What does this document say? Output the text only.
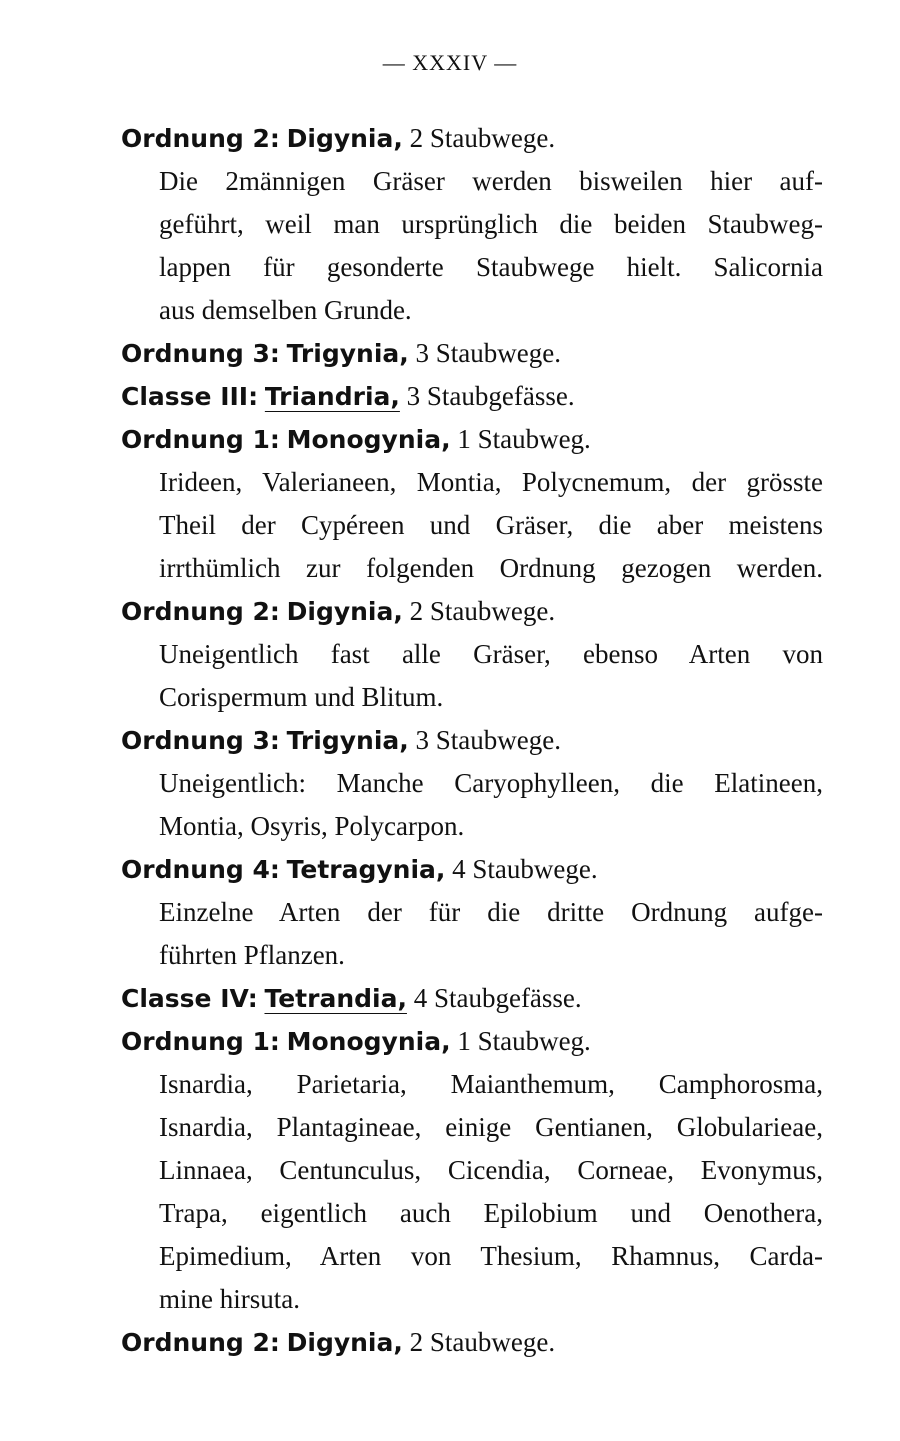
— XXXIV —
Ordnung 2: Digynia, 2 Staubwege.
Die 2männigen Gräser werden bisweilen hier auf-
geführt, weil man ursprünglich die beiden Staubweg-
lappen für gesonderte Staubwege hielt. Salicornia
aus demselben Grunde.
Ordnung 3: Trigynia, 3 Staubwege.
Classe III: Triandria, 3 Staubgefässe.
Ordnung 1: Monogynia, 1 Staubweg.
Irideen, Valerianeen, Montia, Polycnemum, der grösste
Theil der Cypéreen und Gräser, die aber meistens
irrthümlich zur folgenden Ordnung gezogen werden.
Ordnung 2: Digynia, 2 Staubwege.
Uneigentlich fast alle Gräser, ebenso Arten von
Corispermum und Blitum.
Ordnung 3: Trigynia, 3 Staubwege.
Uneigentlich: Manche Caryophylleen, die Elatineen,
Montia, Osyris, Polycarpon.
Ordnung 4: Tetragynia, 4 Staubwege.
Einzelne Arten der für die dritte Ordnung aufge-
führten Pflanzen.
Classe IV: Tetrandia, 4 Staubgefässe.
Ordnung 1: Monogynia, 1 Staubweg.
Isnardia, Parietaria, Maianthemum, Camphorosma,
Isnardia, Plantagineae, einige Gentianen, Globularieae,
Linnaea, Centunculus, Cicendia, Corneae, Evonymus,
Trapa, eigentlich auch Epilobium und Oenothera,
Epimedium, Arten von Thesium, Rhamnus, Carda-
mine hirsuta.
Ordnung 2: Digynia, 2 Staubwege.
